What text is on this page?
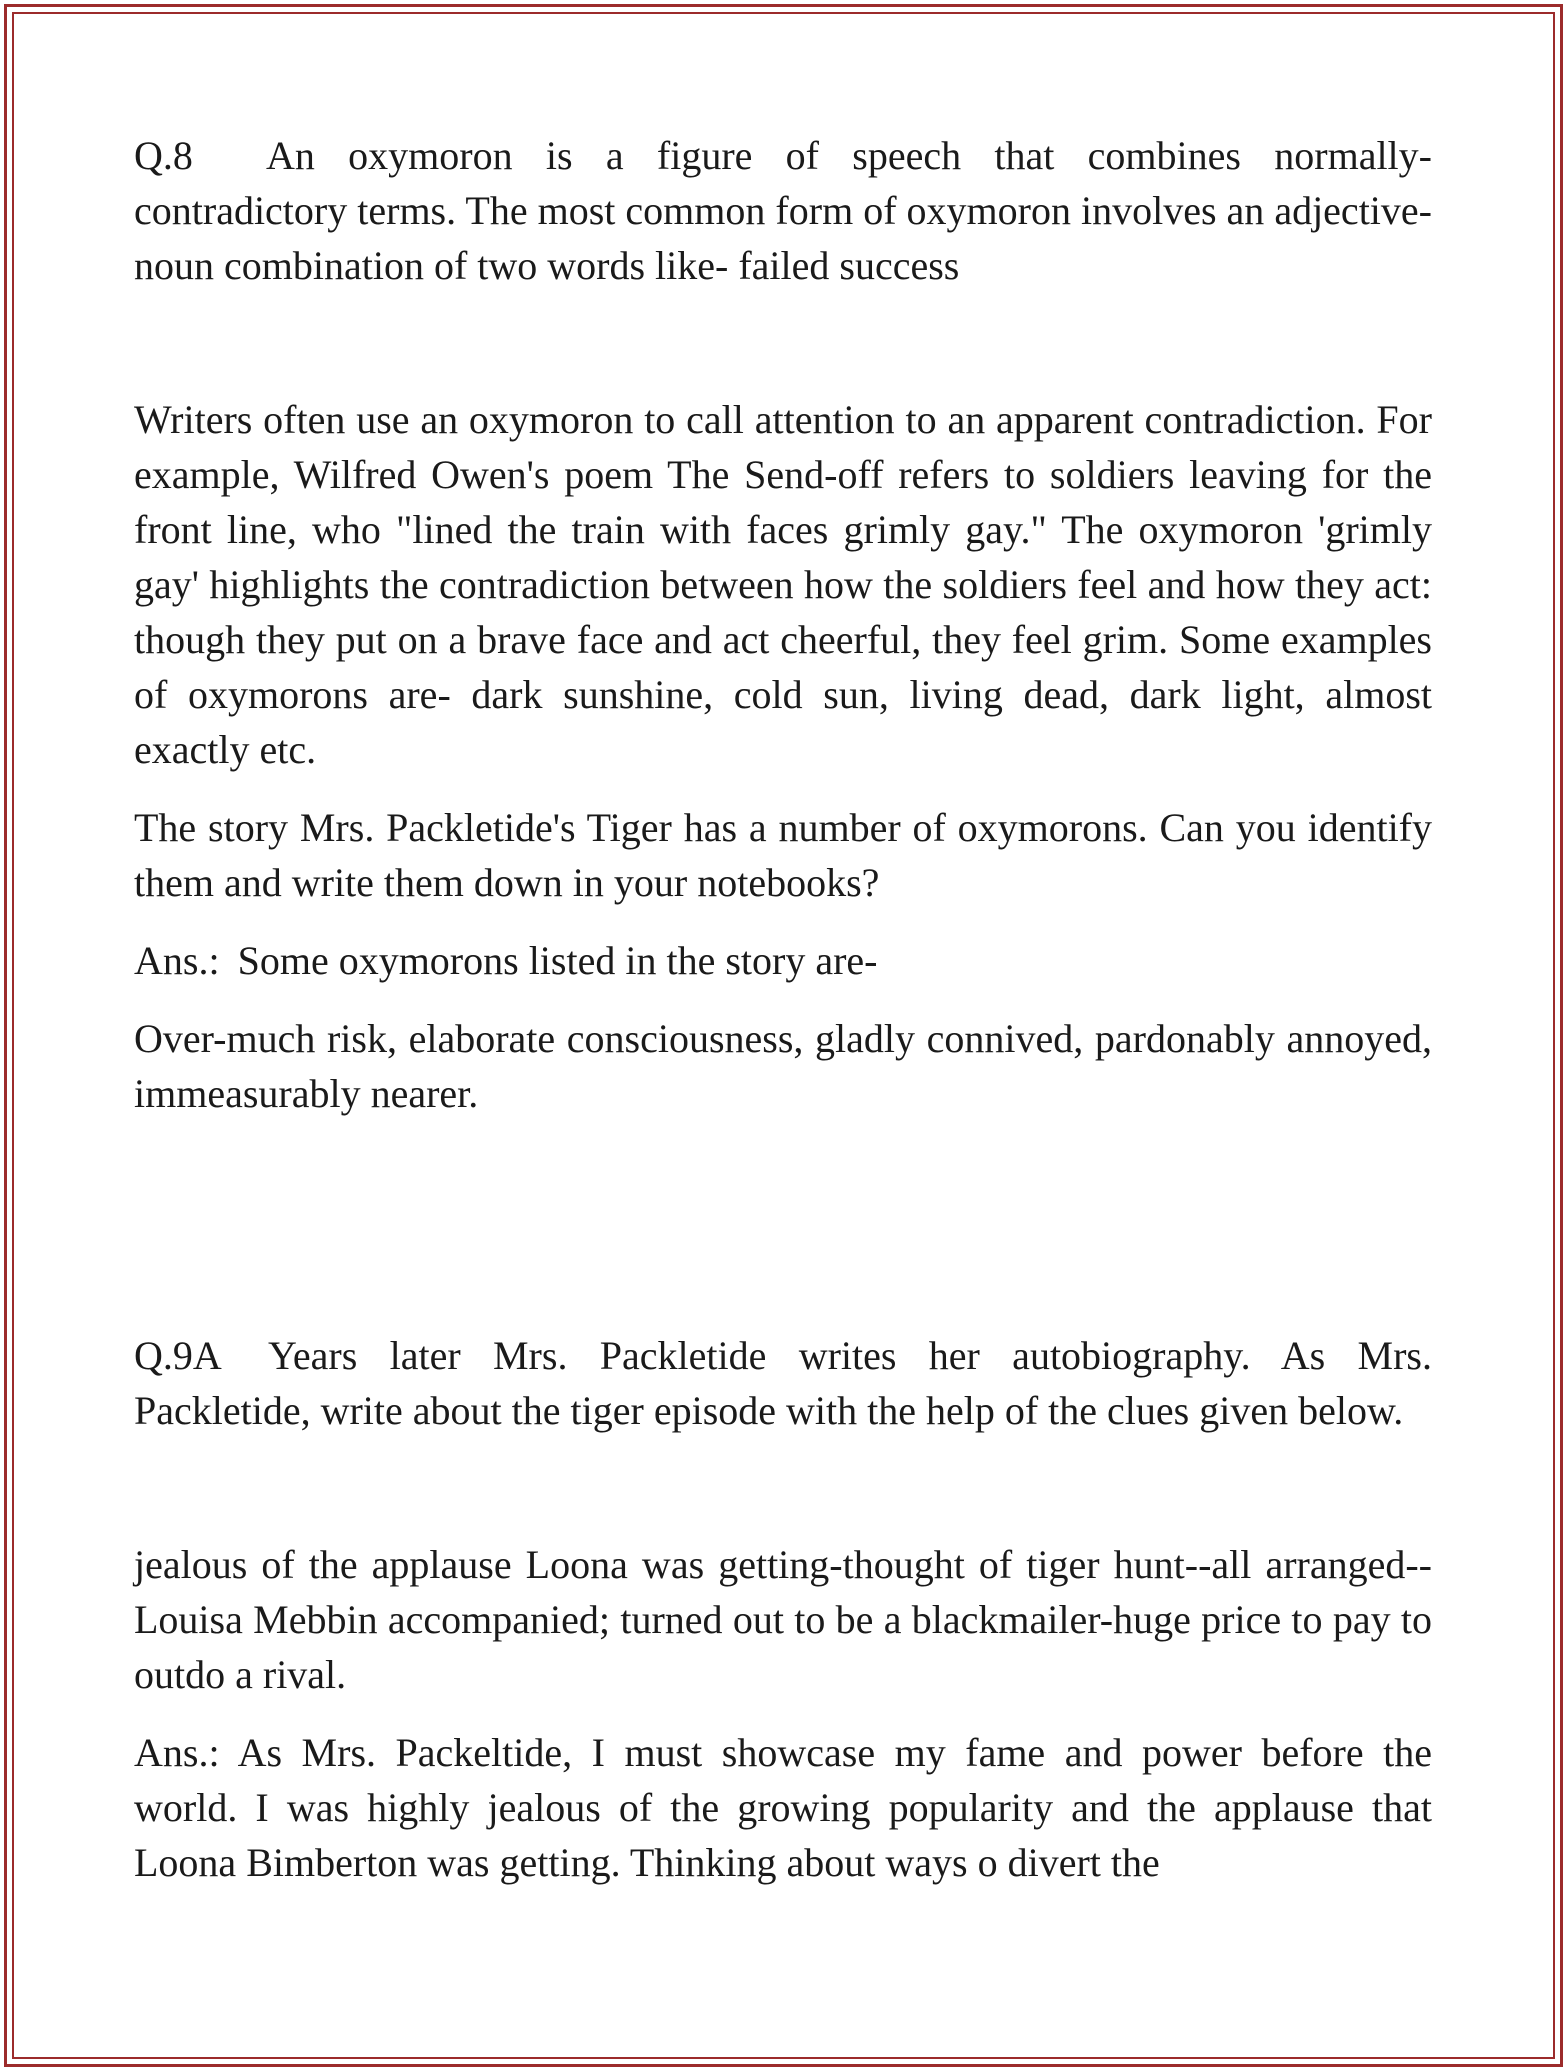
Q.8 An oxymoron is a figure of speech that combines normally-contradictory terms. The most common form of oxymoron involves an adjective-noun combination of two words like- failed success

Writers often use an oxymoron to call attention to an apparent contradiction. For example, Wilfred Owen's poem The Send-off refers to soldiers leaving for the front line, who "lined the train with faces grimly gay." The oxymoron 'grimly gay' highlights the contradiction between how the soldiers feel and how they act: though they put on a brave face and act cheerful, they feel grim. Some examples of oxymorons are- dark sunshine, cold sun, living dead, dark light, almost exactly etc.

The story Mrs. Packletide's Tiger has a number of oxymorons. Can you identify them and write them down in your notebooks?

Ans.: Some oxymorons listed in the story are-

Over-much risk, elaborate consciousness, gladly connived, pardonably annoyed, immeasurably nearer.

Q.9A Years later Mrs. Packletide writes her autobiography. As Mrs. Packletide, write about the tiger episode with the help of the clues given below.

jealous of the applause Loona was getting-thought of tiger hunt--all arranged-- Louisa Mebbin accompanied; turned out to be a blackmailer-huge price to pay to outdo a rival.

Ans.: As Mrs. Packeltide, I must showcase my fame and power before the world. I was highly jealous of the growing popularity and the applause that Loona Bimberton was getting. Thinking about ways o divert the
